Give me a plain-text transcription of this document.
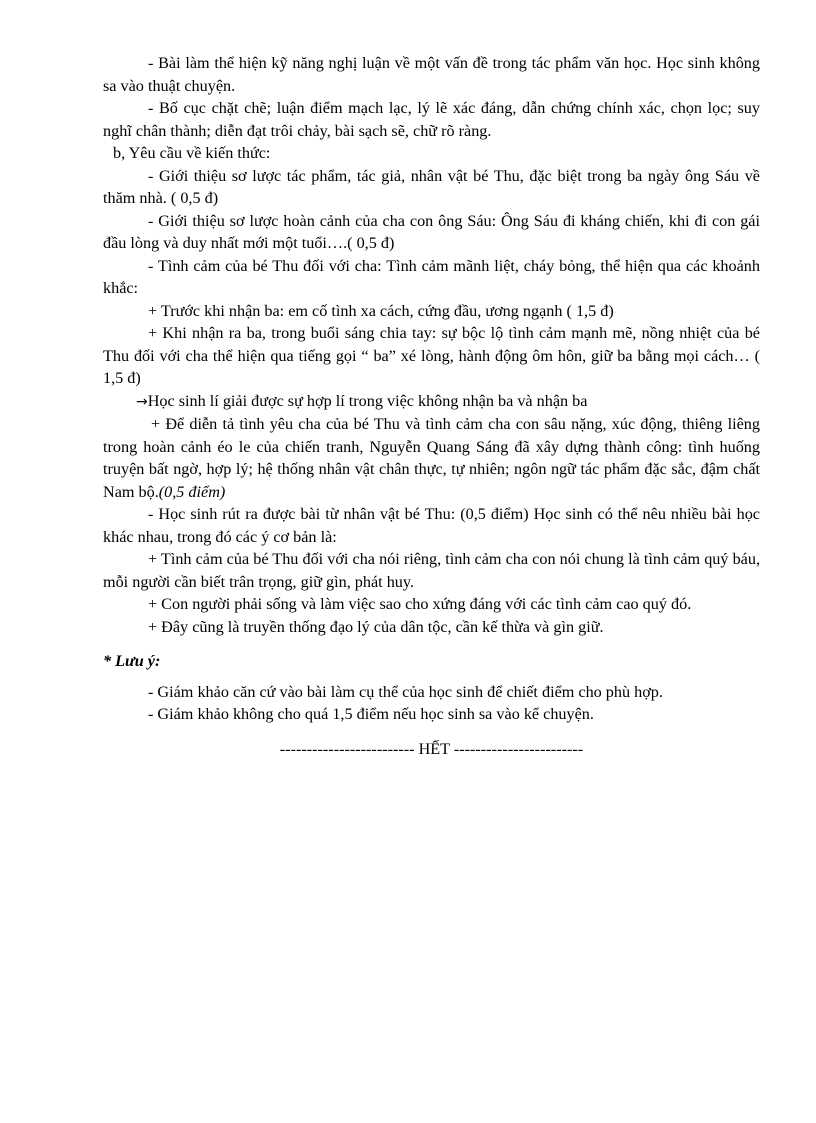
- Bài làm thể hiện kỹ năng nghị luận về một vấn đề trong tác phẩm văn học. Học sinh không sa vào thuật chuyện.

- Bố cục chặt chẽ; luận điểm mạch lạc, lý lẽ xác đáng, dẫn chứng chính xác, chọn lọc; suy nghĩ chân thành; diễn đạt trôi chảy, bài sạch sẽ, chữ rõ ràng.

b, Yêu cầu về kiến thức:

- Giới thiệu sơ lược tác phẩm, tác giả, nhân vật bé Thu, đặc biệt trong ba ngày ông Sáu về thăm nhà. ( 0,5 đ)

- Giới thiệu sơ lược hoàn cảnh của cha con ông Sáu: Ông Sáu đi kháng chiến, khi đi con gái đầu lòng và duy nhất mới một tuổi….( 0,5 đ)

- Tình cảm của bé Thu đối với cha: Tình cảm mãnh liệt, cháy bỏng, thể hiện qua các khoảnh khắc:

+ Trước khi nhận ba: em cố tình xa cách, cứng đầu, ương ngạnh ( 1,5 đ)

+ Khi nhận ra ba, trong buổi sáng chia tay: sự bộc lộ tình cảm mạnh mẽ, nồng nhiệt của bé Thu đối với cha thể hiện qua tiếng gọi “ ba” xé lòng, hành động ôm hôn, giữ ba bằng mọi cách… ( 1,5 đ)

→Học sinh lí giải được sự hợp lí trong việc không nhận ba và nhận ba

+ Để diễn tả tình yêu cha của bé Thu và tình cảm cha con sâu nặng, xúc động, thiêng liêng trong hoàn cảnh éo le của chiến tranh, Nguyễn Quang Sáng đã xây dựng thành công: tình huống truyện bất ngờ, hợp lý; hệ thống nhân vật chân thực, tự nhiên; ngôn ngữ tác phẩm đặc sắc, đậm chất Nam bộ.(0,5 điểm)

- Học sinh rút ra được bài từ nhân vật bé Thu: (0,5 điểm) Học sinh có thể nêu nhiều bài học khác nhau, trong đó các ý cơ bản là:

+ Tình cảm của bé Thu đối với cha nói riêng, tình cảm cha con nói chung là tình cảm quý báu, mỗi người cần biết trân trọng, giữ gìn, phát huy.

+ Con người phải sống và làm việc sao cho xứng đáng với các tình cảm cao quý đó.

+ Đây cũng là truyền thống đạo lý của dân tộc, cần kế thừa và gìn giữ.

* Lưu ý:

- Giám khảo căn cứ vào bài làm cụ thể của học sinh để chiết điểm cho phù hợp.

- Giám khảo không cho quá 1,5 điểm nếu học sinh sa vào kể chuyện.

------------------------- HẾT ------------------------
